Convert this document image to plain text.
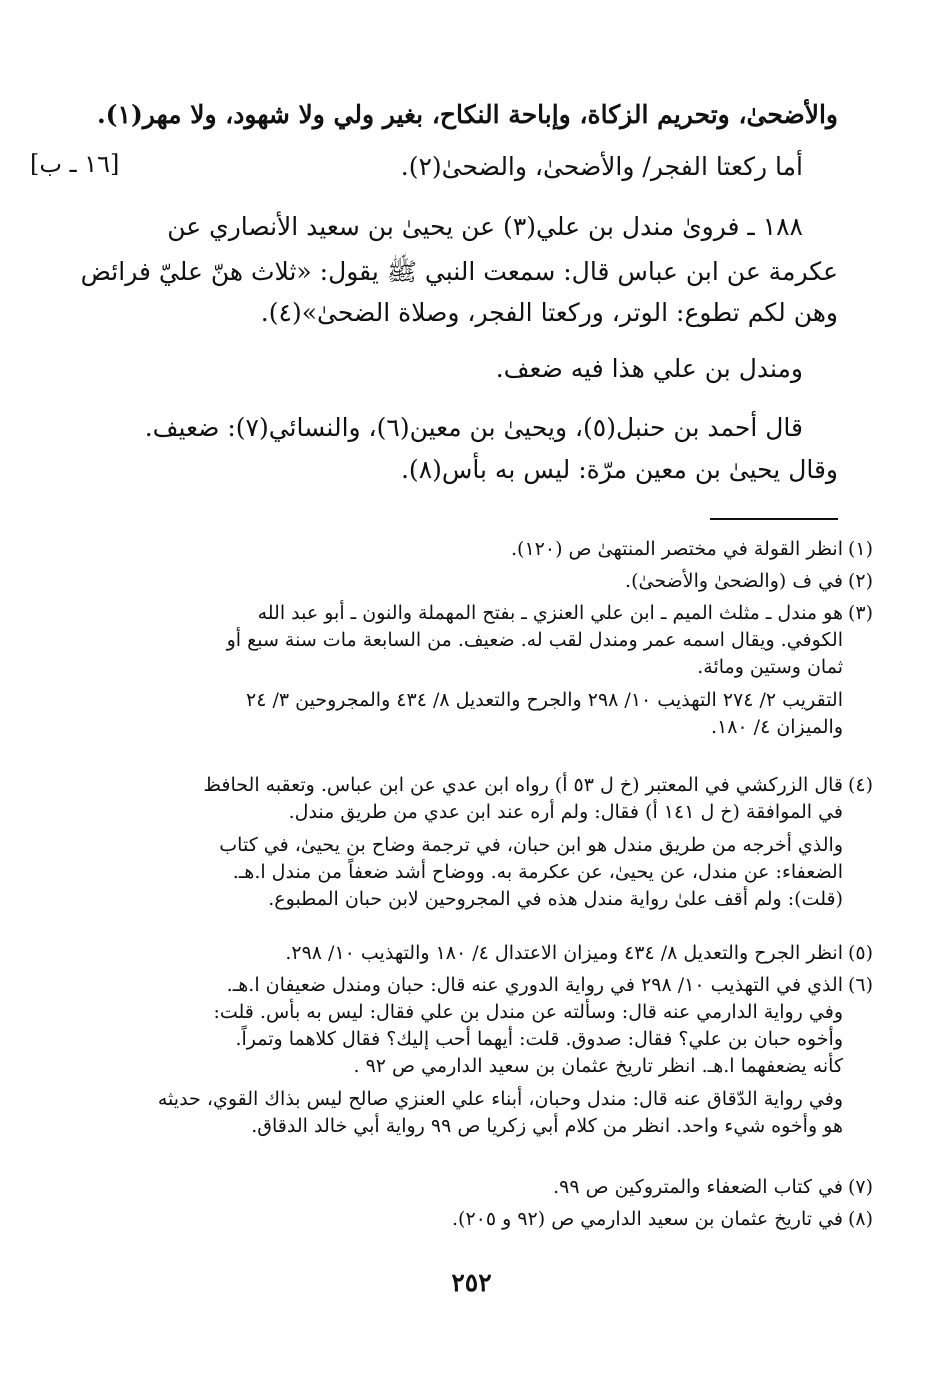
والأضحىٰ، وتحريم الزكاة، وإباحة النكاح، بغير ولي ولا شهود، ولا مهر(١).
[١٦ ـ ب]	أما ركعتا الفجر/ والأضحىٰ، والضحىٰ(٢).
١٨٨ ـ فروىٰ مندل بن علي(٣) عن يحيىٰ بن سعيد الأنصاري عن
عكرمة عن ابن عباس قال: سمعت النبي ﷺ يقول: «ثلاث هنّ عليّ فرائض
وهن لكم تطوع: الوتر، وركعتا الفجر، وصلاة الضحىٰ»(٤).
ومندل بن علي هذا فيه ضعف.
قال أحمد بن حنبل(٥)، ويحيىٰ بن معين(٦)، والنسائي(٧): ضعيف.
وقال يحيىٰ بن معين مرّة: ليس به بأس(٨).
(١)
انظر القولة في مختصر المنتهىٰ ص (١٢٠).
(٢)
في ف (والضحىٰ والأضحىٰ).
(٣)
هو مندل ـ مثلث الميم ـ ابن علي العنزي ـ بفتح المهملة والنون ـ أبو عبد الله
الكوفي. ويقال اسمه عمر ومندل لقب له. ضعيف. من السابعة مات سنة سبع أو
ثمان وستين ومائة.
التقريب ٢/ ٢٧٤ التهذيب ١٠/ ٢٩٨ والجرح والتعديل ٨/ ٤٣٤ والمجروحين ٣/ ٢٤
والميزان ٤/ ١٨٠.
(٤)
قال الزركشي في المعتبر (خ ل ٥٣ أ) رواه ابن عدي عن ابن عباس. وتعقبه الحافظ
في الموافقة (خ ل ١٤١ أ) فقال: ولم أره عند ابن عدي من طريق مندل.
والذي أخرجه من طريق مندل هو ابن حبان، في ترجمة وضاح بن يحيىٰ، في كتاب
الضعفاء: عن مندل، عن يحيىٰ، عن عكرمة به. ووضاح أشد ضعفاً من مندل ا.هـ.
(قلت): ولم أقف علىٰ رواية مندل هذه في المجروحين لابن حبان المطبوع.
(٥)
انظر الجرح والتعديل ٨/ ٤٣٤ وميزان الاعتدال ٤/ ١٨٠ والتهذيب ١٠/ ٢٩٨.
(٦)
الذي في التهذيب ١٠/ ٢٩٨ في رواية الدوري عنه قال: حبان ومندل ضعيفان ا.هـ.
وفي رواية الدارمي عنه قال: وسألته عن مندل بن علي فقال: ليس به بأس. قلت:
وأخوه حبان بن علي؟ فقال: صدوق. قلت: أيهما أحب إليك؟ فقال كلاهما وتمراً.
كأنه يضعفهما ا.هـ. انظر تاريخ عثمان بن سعيد الدارمي ص ٩٢ .
وفي رواية الدّقاق عنه قال: مندل وحبان، أبناء علي العنزي صالح ليس بذاك القوي، حديثه
هو وأخوه شيء واحد. انظر من كلام أبي زكريا ص ٩٩ رواية أبي خالد الدقاق.
(٧)
في كتاب الضعفاء والمتروكين ص ٩٩.
(٨)
في تاريخ عثمان بن سعيد الدارمي ص (٩٢ و ٢٠٥).
٢٥٢
